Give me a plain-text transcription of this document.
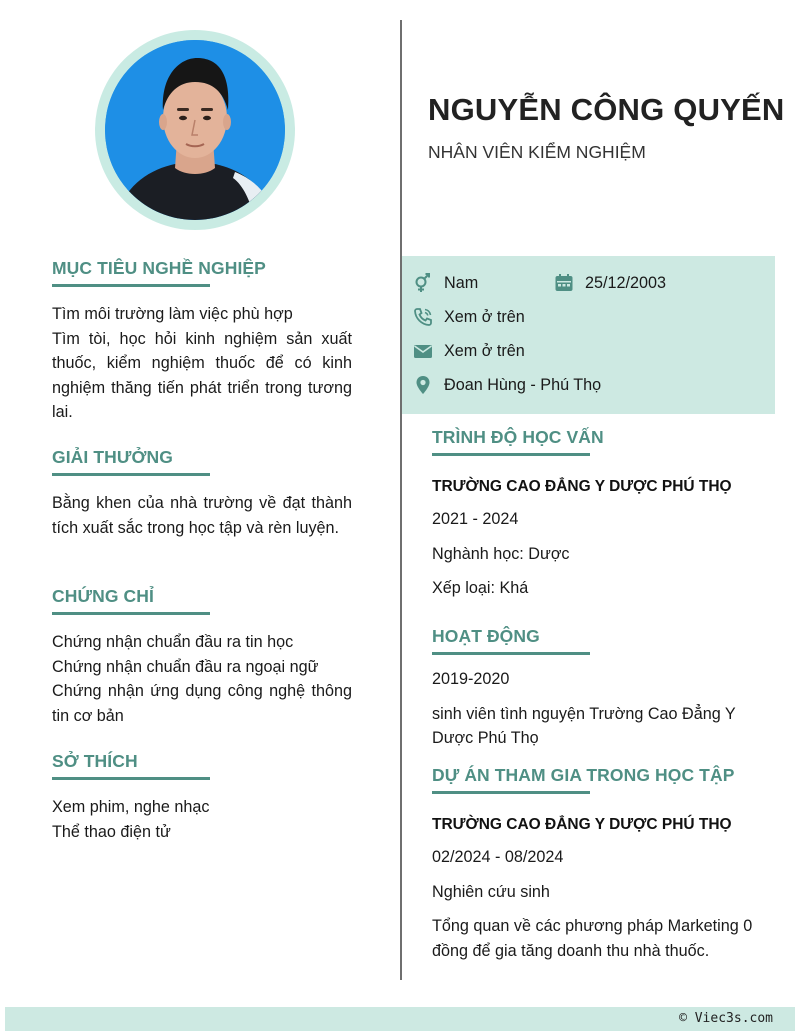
NGUYỄN CÔNG QUYẾN
NHÂN VIÊN KIỂM NGHIỆM
Nam	25/12/2003
Xem ở trên
Xem ở trên
Đoan Hùng - Phú Thọ
MỤC TIÊU NGHỀ NGHIỆP
Tìm môi trường làm việc phù hợp
Tìm tòi, học hỏi kinh nghiệm sản xuất thuốc, kiểm nghiệm thuốc để có kinh nghiệm thăng tiến phát triển trong tương lai.
GIẢI THƯỞNG
Bằng khen của nhà trường về đạt thành tích xuất sắc trong học tập và rèn luyện.
CHỨNG CHỈ
Chứng nhận chuẩn đầu ra tin học
Chứng nhận chuẩn đầu ra ngoại ngữ
Chứng nhận ứng dụng công nghệ thông tin cơ bản
SỞ THÍCH
Xem phim, nghe nhạc
Thể thao điện tử
TRÌNH ĐỘ HỌC VẤN
TRƯỜNG CAO ĐẲNG Y DƯỢC PHÚ THỌ
2021 - 2024
Nghành học: Dược
Xếp loại: Khá
HOẠT ĐỘNG
2019-2020
sinh viên tình nguyện Trường Cao Đẳng Y Dược Phú Thọ
DỰ ÁN THAM GIA TRONG HỌC TẬP
TRƯỜNG CAO ĐẲNG Y DƯỢC PHÚ THỌ
02/2024 - 08/2024
Nghiên cứu sinh
Tổng quan về các phương pháp Marketing 0 đồng để gia tăng doanh thu nhà thuốc.
© Viec3s.com
